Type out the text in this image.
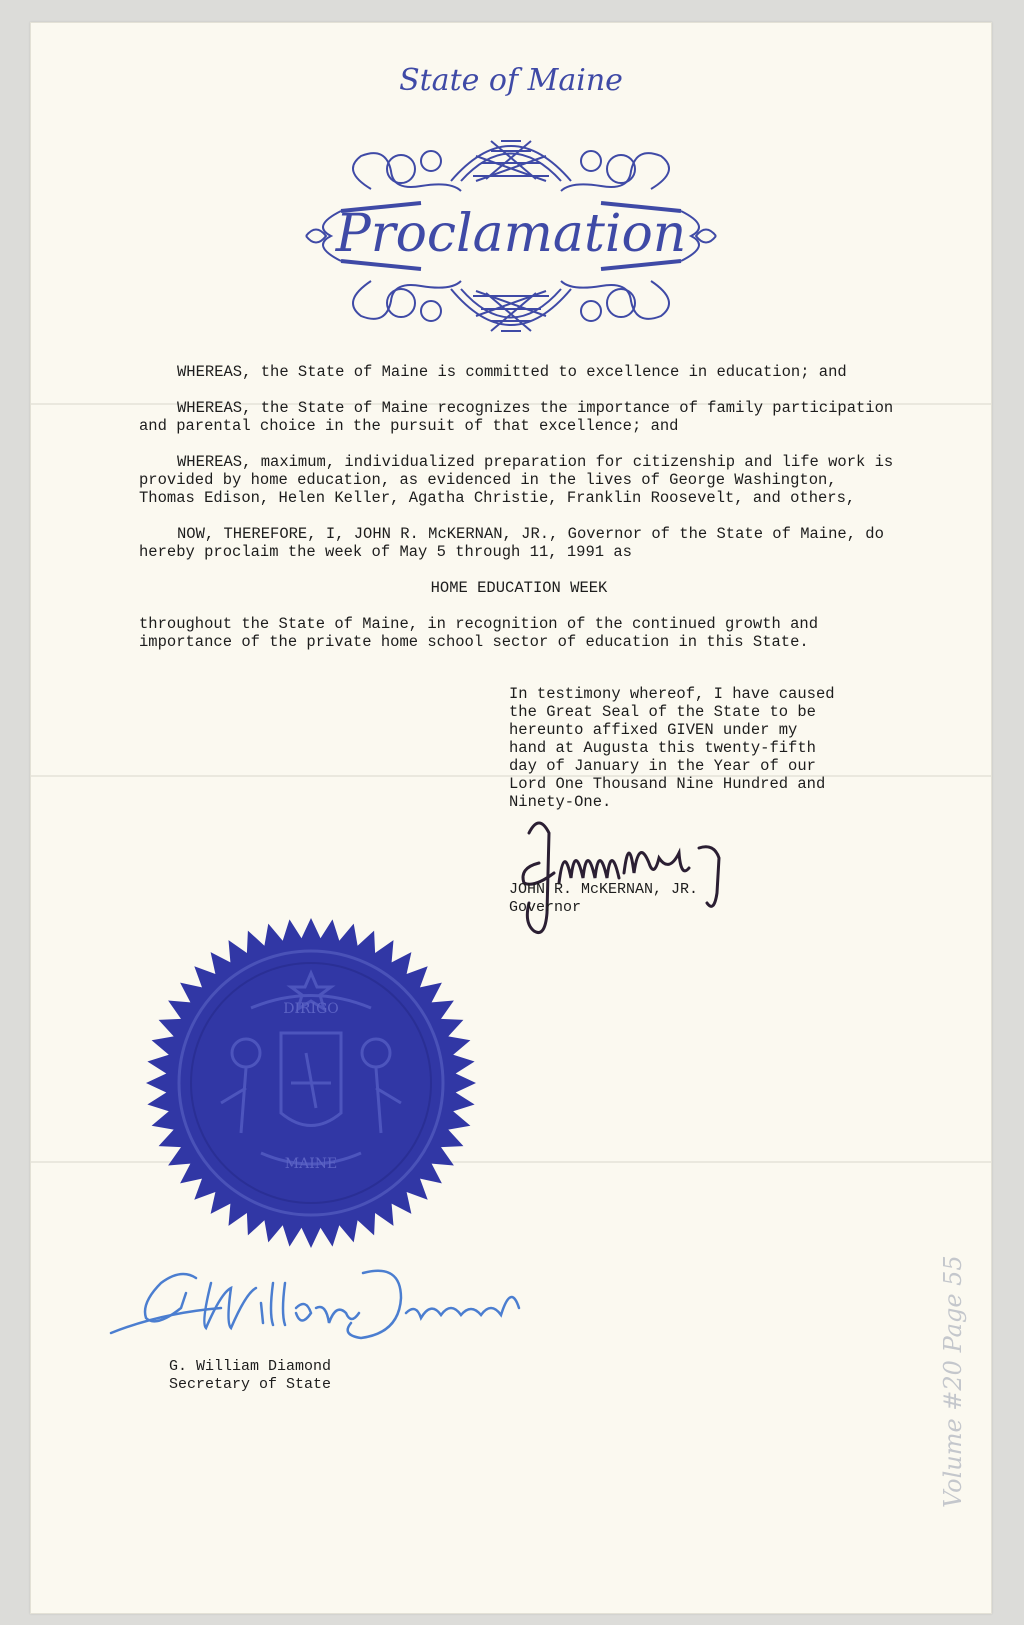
State of Maine
Proclamation

WHEREAS, the State of Maine is committed to excellence in education; and

WHEREAS, the State of Maine recognizes the importance of family participation and parental choice in the pursuit of that excellence; and

WHEREAS, maximum, individualized preparation for citizenship and life work is provided by home education, as evidenced in the lives of George Washington, Thomas Edison, Helen Keller, Agatha Christie, Franklin Roosevelt, and others,

NOW, THEREFORE, I, JOHN R. McKERNAN, JR., Governor of the State of Maine, do hereby proclaim the week of May 5 through 11, 1991 as

HOME EDUCATION WEEK

throughout the State of Maine, in recognition of the continued growth and importance of the private home school sector of education in this State.

In testimony whereof, I have caused
the Great Seal of the State to be
hereunto affixed GIVEN under my
hand at Augusta this twenty-fifth
day of January in the Year of our
Lord One Thousand Nine Hundred and
Ninety-One.
JOHN R. McKERNAN, JR.
Governor
DIRIGO
MAINE
G. William Diamond
Secretary of State	Volume #20 Page 55
